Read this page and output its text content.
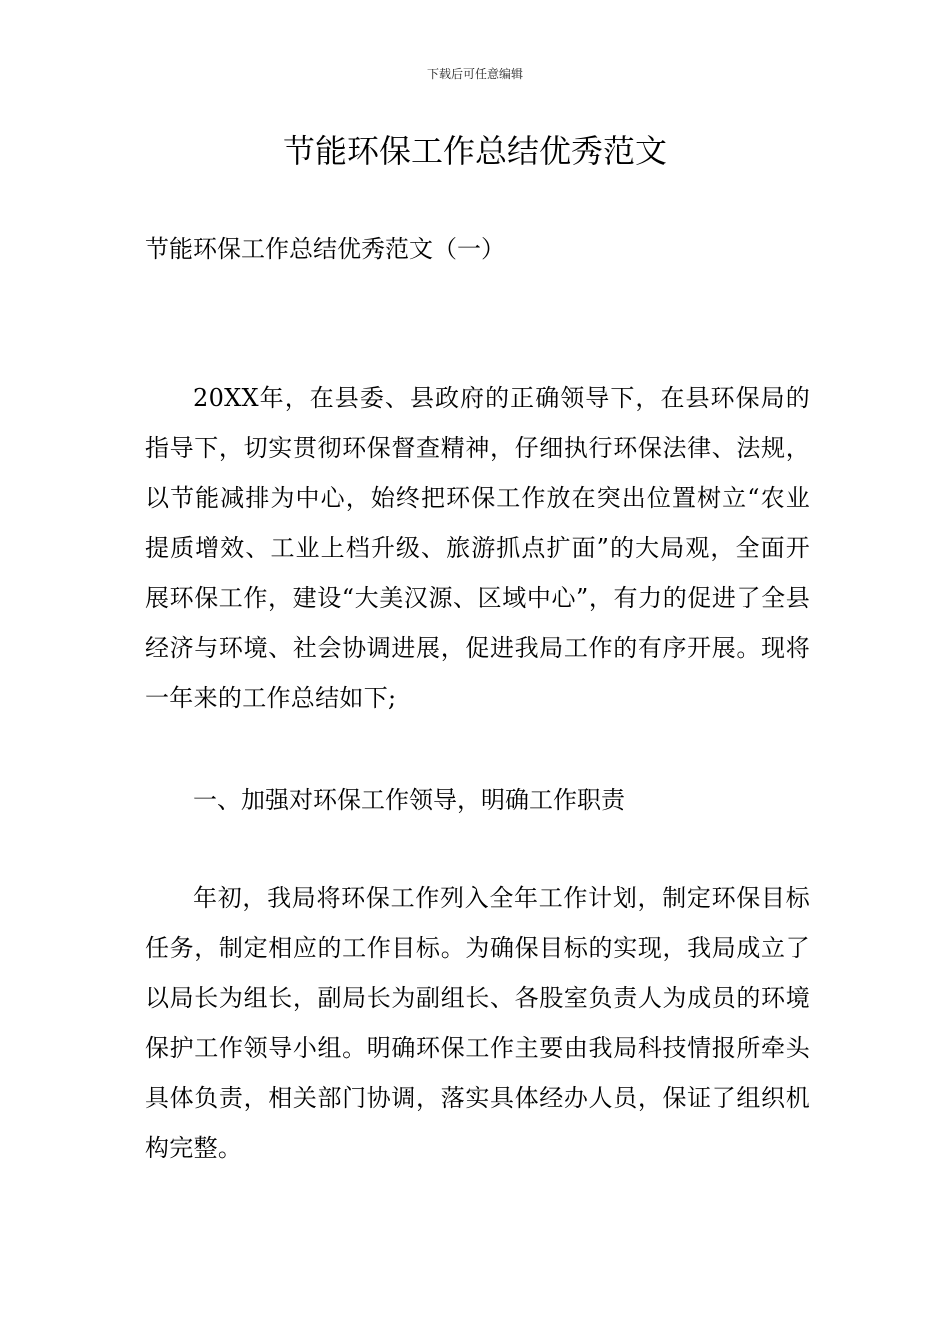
下载后可任意编辑
节能环保工作总结优秀范文
节能环保工作总结优秀范文（一）

20XX年，在县委、县政府的正确领导下，在县环保局的指导下，切实贯彻环保督查精神，仔细执行环保法律、法规，以节能减排为中心，始终把环保工作放在突出位置树立“农业提质增效、工业上档升级、旅游抓点扩面”的大局观，全面开展环保工作，建设“大美汉源、区域中心”，有力的促进了全县经济与环境、社会协调进展，促进我局工作的有序开展。现将一年来的工作总结如下;

一、加强对环保工作领导，明确工作职责

年初，我局将环保工作列入全年工作计划，制定环保目标任务，制定相应的工作目标。为确保目标的实现，我局成立了以局长为组长，副局长为副组长、各股室负责人为成员的环境保护工作领导小组。明确环保工作主要由我局科技情报所牵头具体负责，相关部门协调，落实具体经办人员，保证了组织机构完整。
